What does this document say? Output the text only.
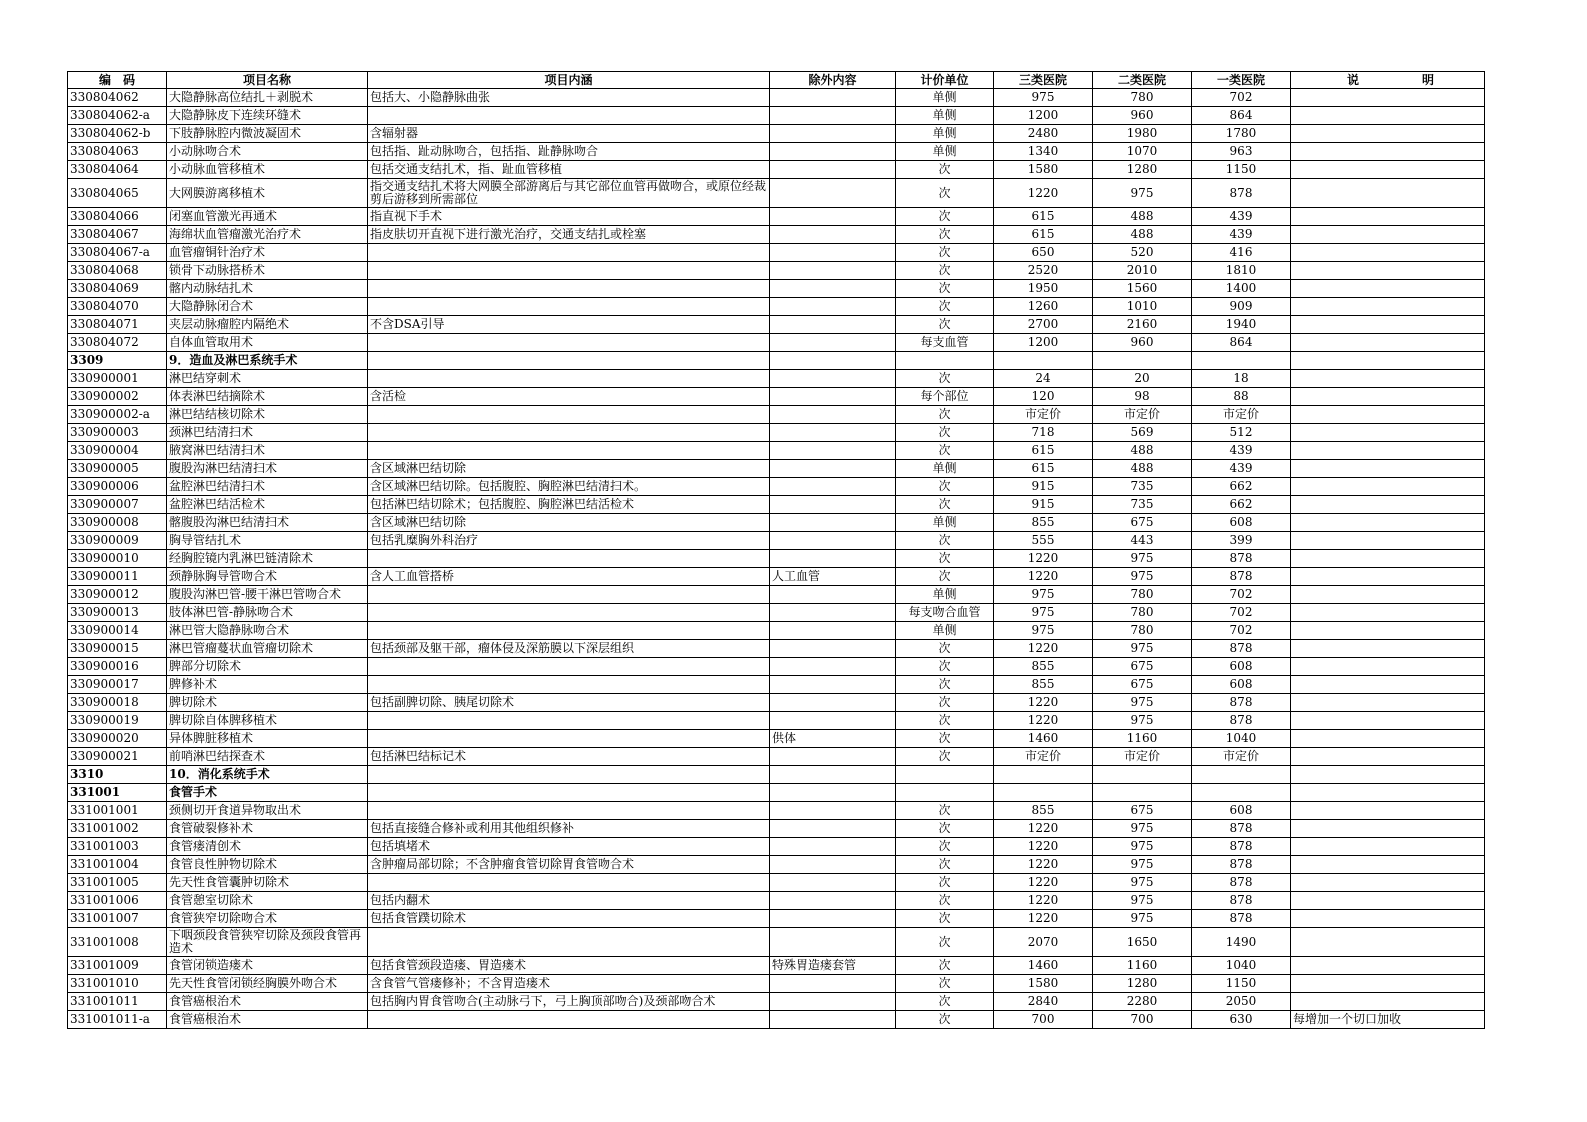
编　码	项目名称	项目内涵	除外内容	计价单位	三类医院	二类医院	一类医院	说 明

330804062	大隐静脉高位结扎＋剥脱术	包括大、小隐静脉曲张		单侧	975	780	702	
330804062-a	大隐静脉皮下连续环缝术			单侧	1200	960	864	
330804062-b	下肢静脉腔内微波凝固术	含辐射器		单侧	2480	1980	1780	
330804063	小动脉吻合术	包括指、趾动脉吻合，包括指、趾静脉吻合		单侧	1340	1070	963	
330804064	小动脉血管移植术	包括交通支结扎术，指、趾血管移植		次	1580	1280	1150	
330804065	大网膜游离移植术	指交通支结扎术将大网膜全部游离后与其它部位血管再做吻合，或原位经裁剪后游移到所需部位		次	1220	975	878	
330804066	闭塞血管激光再通术	指直视下手术		次	615	488	439	
330804067	海绵状血管瘤激光治疗术	指皮肤切开直视下进行激光治疗，交通支结扎或栓塞		次	615	488	439	
330804067-a	血管瘤铜针治疗术			次	650	520	416	
330804068	锁骨下动脉搭桥术			次	2520	2010	1810	
330804069	髂内动脉结扎术			次	1950	1560	1400	
330804070	大隐静脉闭合术			次	1260	1010	909	
330804071	夹层动脉瘤腔内隔绝术	不含DSA引导		次	2700	2160	1940	
330804072	自体血管取用术			每支血管	1200	960	864	
3309	9．造血及淋巴系统手术							
330900001	淋巴结穿刺术			次	24	20	18	
330900002	体表淋巴结摘除术	含活检		每个部位	120	98	88	
330900002-a	淋巴结结核切除术			次	市定价	市定价	市定价	
330900003	颈淋巴结清扫术			次	718	569	512	
330900004	腋窝淋巴结清扫术			次	615	488	439	
330900005	腹股沟淋巴结清扫术	含区域淋巴结切除		单侧	615	488	439	
330900006	盆腔淋巴结清扫术	含区域淋巴结切除。包括腹腔、胸腔淋巴结清扫术。		次	915	735	662	
330900007	盆腔淋巴结活检术	包括淋巴结切除术；包括腹腔、胸腔淋巴结活检术		次	915	735	662	
330900008	髂腹股沟淋巴结清扫术	含区域淋巴结切除		单侧	855	675	608	
330900009	胸导管结扎术	包括乳糜胸外科治疗		次	555	443	399	
330900010	经胸腔镜内乳淋巴链清除术			次	1220	975	878	
330900011	颈静脉胸导管吻合术	含人工血管搭桥	人工血管	次	1220	975	878	
330900012	腹股沟淋巴管-腰干淋巴管吻合术			单侧	975	780	702	
330900013	肢体淋巴管-静脉吻合术			每支吻合血管	975	780	702	
330900014	淋巴管大隐静脉吻合术			单侧	975	780	702	
330900015	淋巴管瘤蔓状血管瘤切除术	包括颈部及躯干部，瘤体侵及深筋膜以下深层组织		次	1220	975	878	
330900016	脾部分切除术			次	855	675	608	
330900017	脾修补术			次	855	675	608	
330900018	脾切除术	包括副脾切除、胰尾切除术		次	1220	975	878	
330900019	脾切除自体脾移植术			次	1220	975	878	
330900020	异体脾脏移植术		供体	次	1460	1160	1040	
330900021	前哨淋巴结探查术	包括淋巴结标记术		次	市定价	市定价	市定价	
3310	10．消化系统手术							
331001	食管手术							
331001001	颈侧切开食道异物取出术			次	855	675	608	
331001002	食管破裂修补术	包括直接缝合修补或利用其他组织修补		次	1220	975	878	
331001003	食管瘘清创术	包括填堵术		次	1220	975	878	
331001004	食管良性肿物切除术	含肿瘤局部切除；不含肿瘤食管切除胃食管吻合术		次	1220	975	878	
331001005	先天性食管囊肿切除术			次	1220	975	878	
331001006	食管憩室切除术	包括内翻术		次	1220	975	878	
331001007	食管狭窄切除吻合术	包括食管蹼切除术		次	1220	975	878	
331001008	下咽颈段食管狭窄切除及颈段食管再造术			次	2070	1650	1490	
331001009	食管闭锁造瘘术	包括食管颈段造瘘、胃造瘘术	特殊胃造瘘套管	次	1460	1160	1040	
331001010	先天性食管闭锁经胸膜外吻合术	含食管气管瘘修补；不含胃造瘘术		次	1580	1280	1150	
331001011	食管癌根治术	包括胸内胃食管吻合(主动脉弓下，弓上胸顶部吻合)及颈部吻合术		次	2840	2280	2050	
331001011-a	食管癌根治术			次	700	700	630	每增加一个切口加收
